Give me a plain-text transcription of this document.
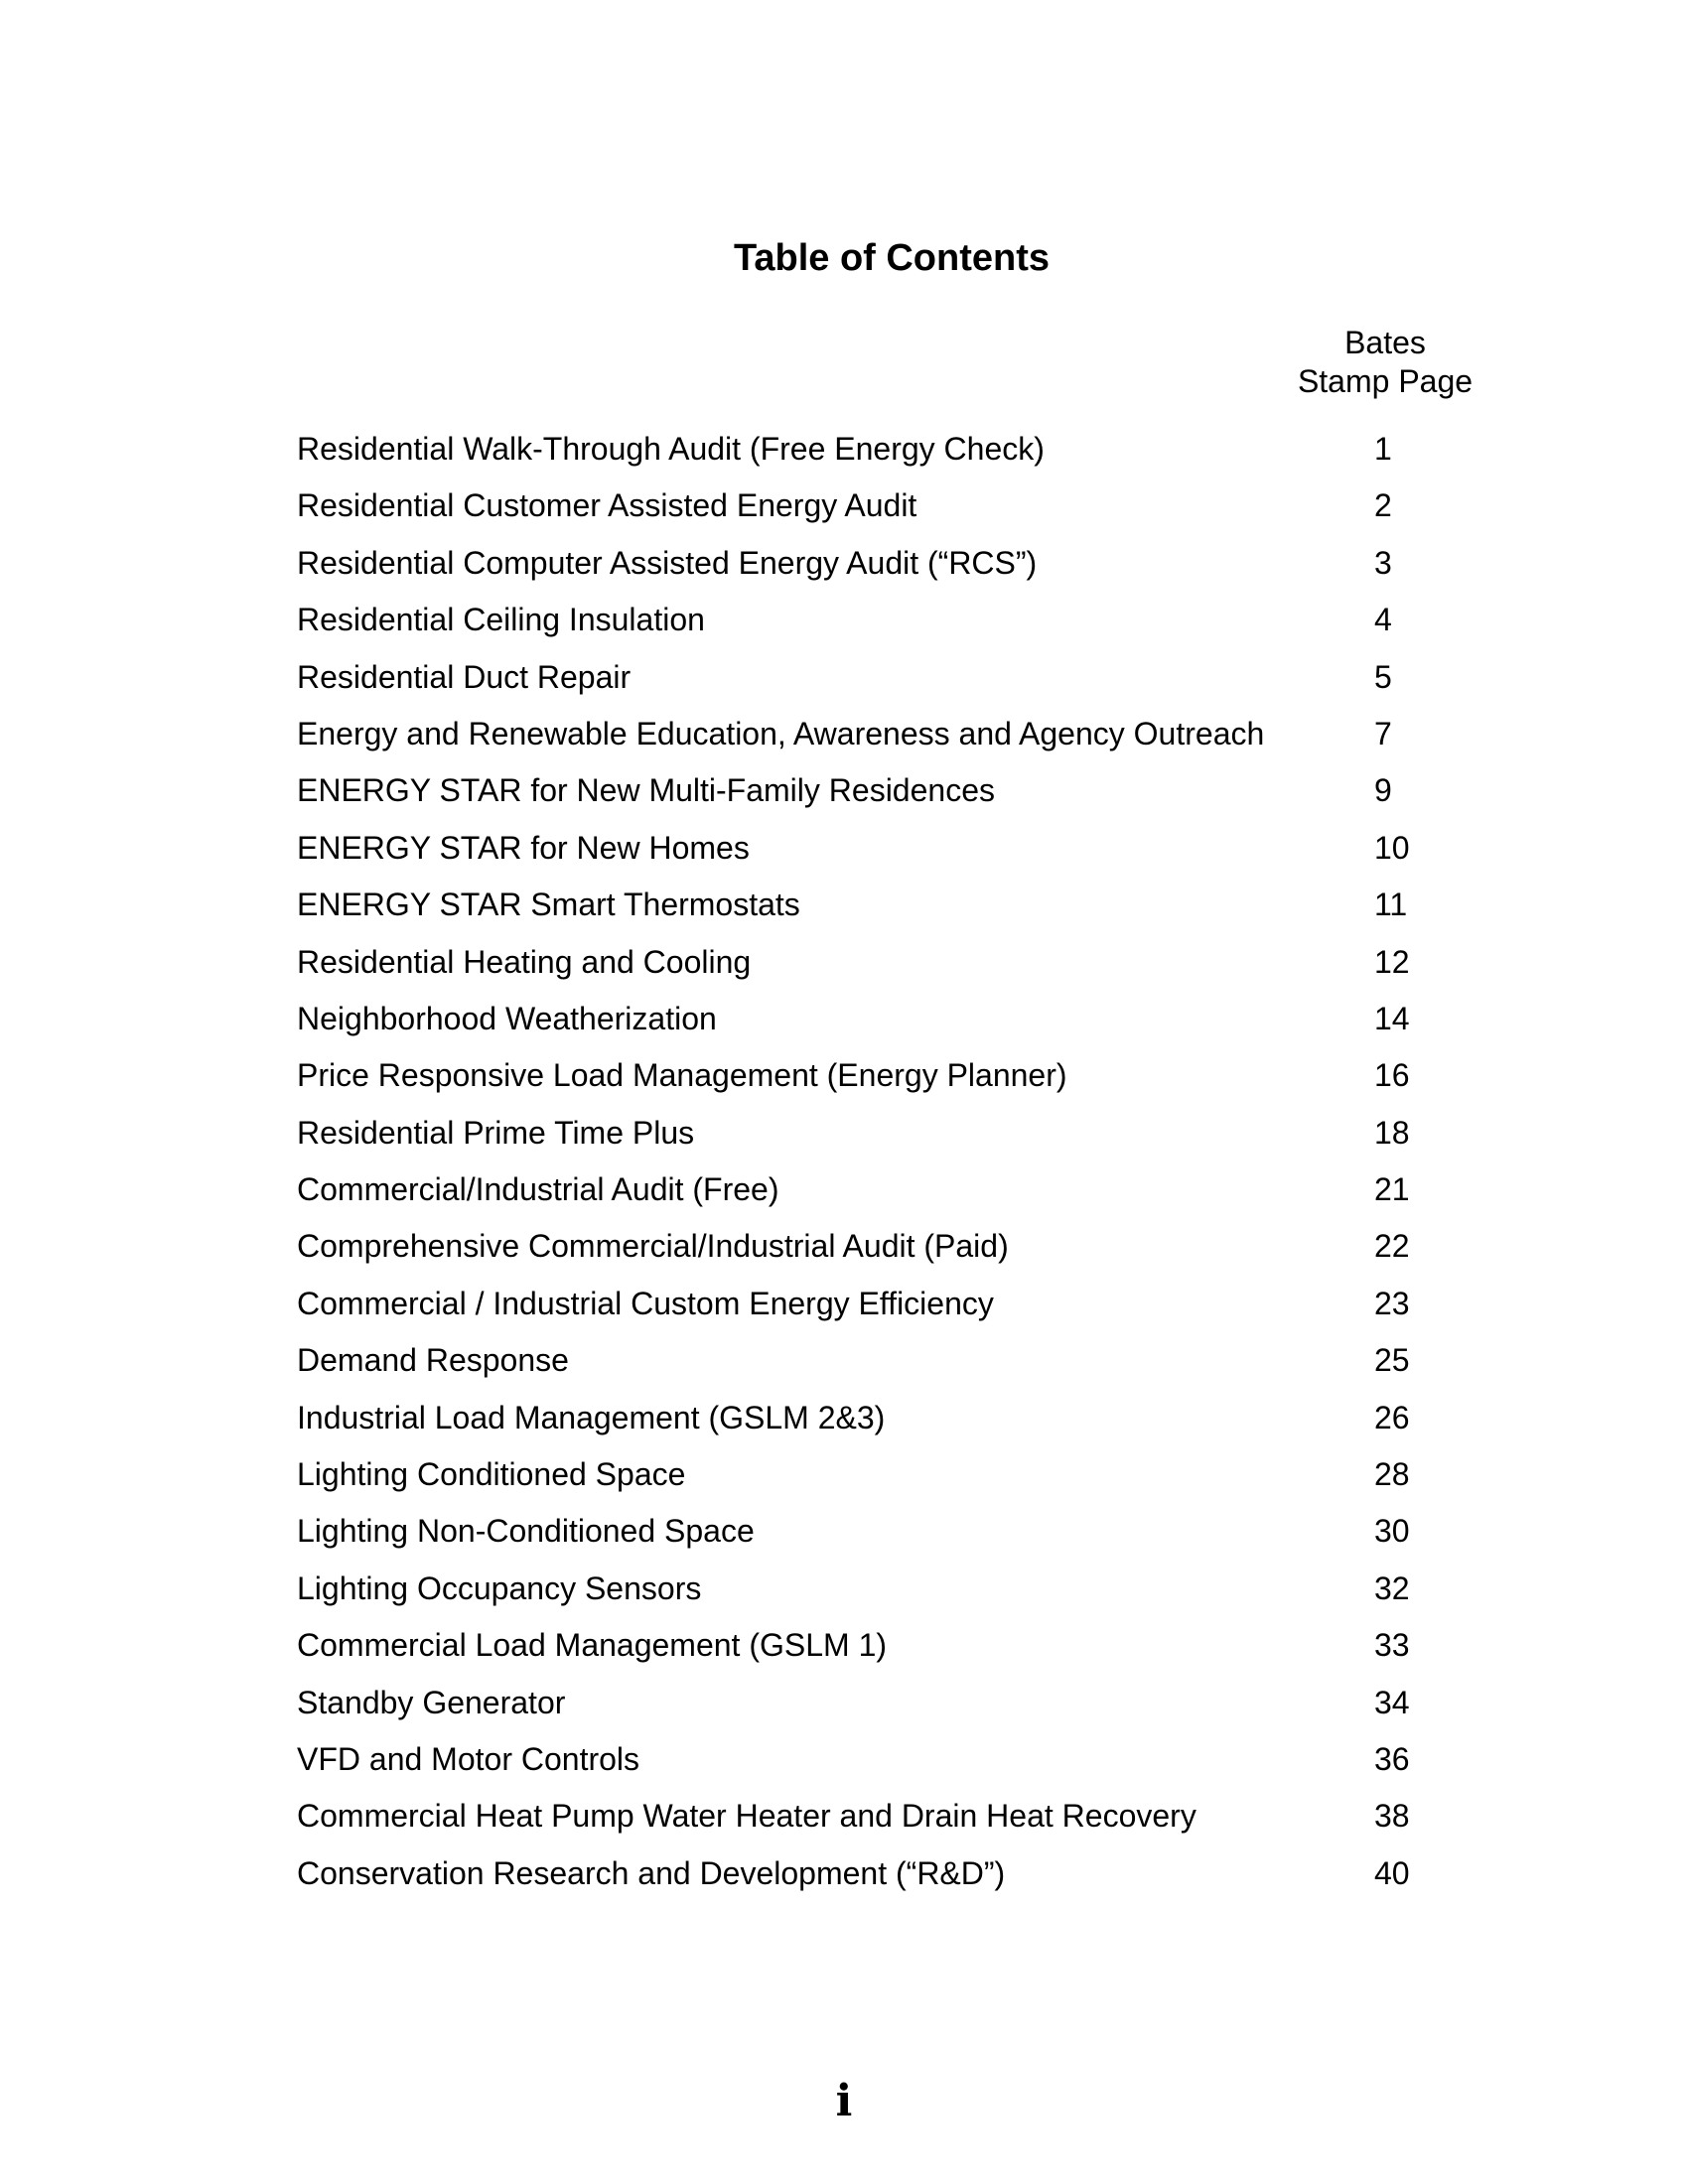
Table of Contents
Bates
Stamp Page
Residential Walk-Through Audit (Free Energy Check)	1
Residential Customer Assisted Energy Audit	2
Residential Computer Assisted Energy Audit (“RCS”)	3
Residential Ceiling Insulation	4
Residential Duct Repair	5
Energy and Renewable Education, Awareness and Agency Outreach	7
ENERGY STAR for New Multi-Family Residences	9
ENERGY STAR for New Homes	10
ENERGY STAR Smart Thermostats	11
Residential Heating and Cooling	12
Neighborhood Weatherization	14
Price Responsive Load Management (Energy Planner)	16
Residential Prime Time Plus	18
Commercial/Industrial Audit (Free)	21
Comprehensive Commercial/Industrial Audit (Paid)	22
Commercial / Industrial Custom Energy Efficiency	23
Demand Response	25
Industrial Load Management (GSLM 2&3)	26
Lighting Conditioned Space	28
Lighting Non-Conditioned Space	30
Lighting Occupancy Sensors	32
Commercial Load Management (GSLM 1)	33
Standby Generator	34
VFD and Motor Controls	36
Commercial Heat Pump Water Heater and Drain Heat Recovery	38
Conservation Research and Development (“R&D”)	40
i
